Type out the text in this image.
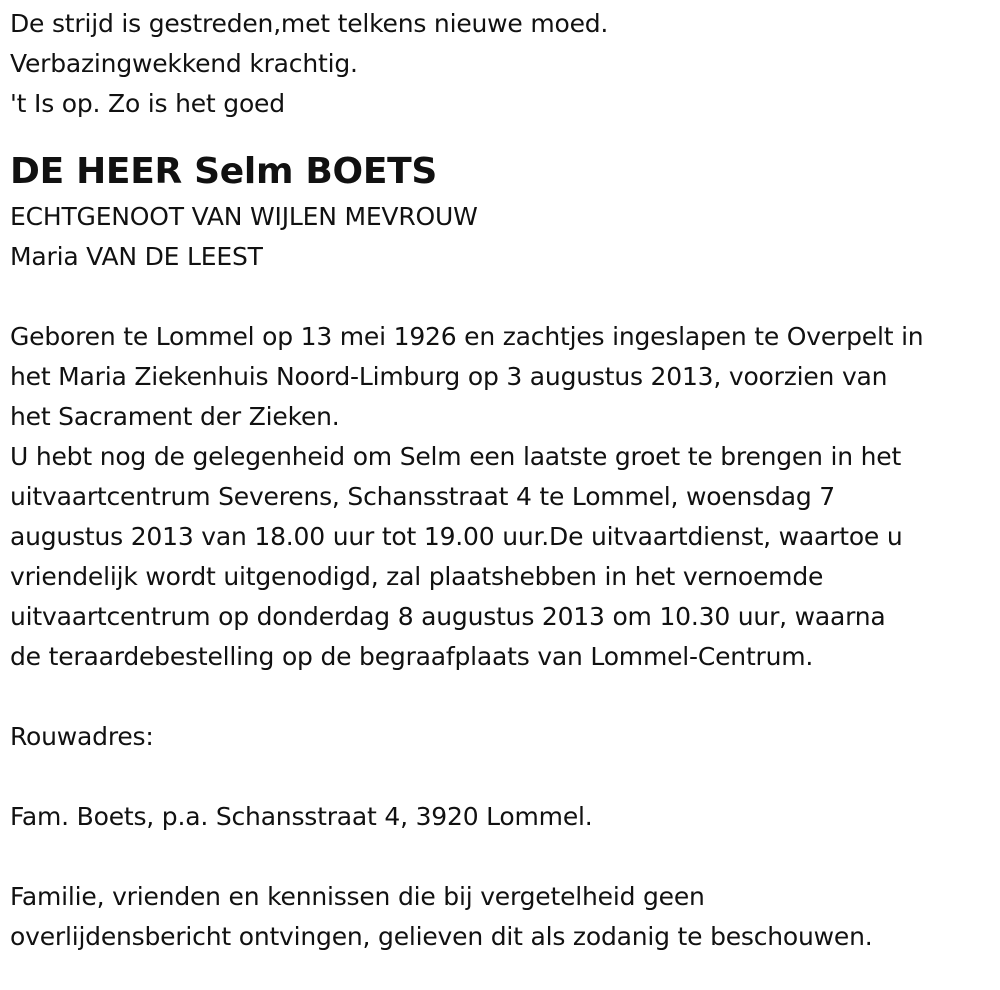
De strijd is gestreden,met telkens nieuwe moed.
Verbazingwekkend krachtig.
't Is op. Zo is het goed
DE HEER Selm BOETS
ECHTGENOOT VAN WIJLEN MEVROUW
Maria VAN DE LEEST
Geboren te Lommel op 13 mei 1926 en zachtjes ingeslapen te Overpelt in
het Maria Ziekenhuis Noord-Limburg op 3 augustus 2013, voorzien van
het Sacrament der Zieken.
U hebt nog de gelegenheid om Selm een laatste groet te brengen in het
uitvaartcentrum Severens, Schansstraat 4 te Lommel, woensdag 7
augustus 2013 van 18.00 uur tot 19.00 uur.De uitvaartdienst, waartoe u
vriendelijk wordt uitgenodigd, zal plaatshebben in het vernoemde
uitvaartcentrum op donderdag 8 augustus 2013 om 10.30 uur, waarna
de teraardebestelling op de begraafplaats van Lommel-Centrum.
Rouwadres:
Fam. Boets, p.a. Schansstraat 4, 3920 Lommel.
Familie, vrienden en kennissen die bij vergetelheid geen
overlijdensbericht ontvingen, gelieven dit als zodanig te beschouwen.
